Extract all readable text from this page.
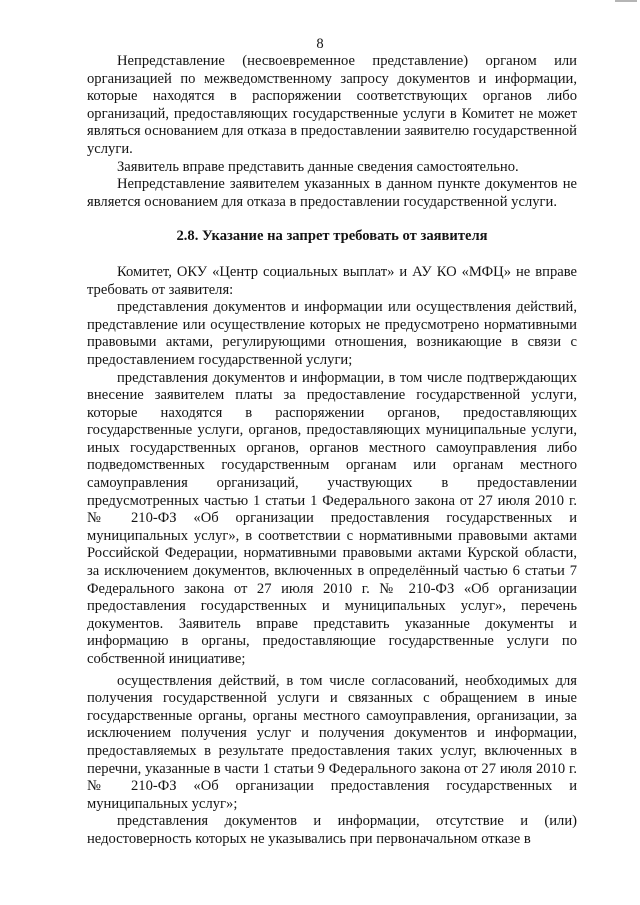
8

Непредставление (несвоевременное представление) органом или организацией по межведомственному запросу документов и информации, которые находятся в распоряжении соответствующих органов либо организаций, предоставляющих государственные услуги в Комитет не может являться основанием для отказа в предоставлении заявителю государственной услуги.

Заявитель вправе представить данные сведения самостоятельно.

Непредставление заявителем указанных в данном пункте документов не является основанием для отказа в предоставлении государственной услуги.

2.8. Указание на запрет требовать от заявителя

Комитет, ОКУ «Центр социальных выплат» и АУ КО «МФЦ» не вправе требовать от заявителя:

представления документов и информации или осуществления действий, представление или осуществление которых не предусмотрено нормативными правовыми актами, регулирующими отношения, возникающие в связи с предоставлением государственной услуги;

представления документов и информации, в том числе подтверждающих внесение заявителем платы за предоставление государственной услуги, которые находятся в распоряжении органов, предоставляющих государственные услуги, органов, предоставляющих муниципальные услуги, иных государственных органов, органов местного самоуправления либо подведомственных государственным органам или органам местного самоуправления организаций, участвующих в предоставлении предусмотренных частью 1 статьи 1 Федерального закона от 27 июля 2010 г. № 210-ФЗ «Об организации предоставления государственных и муниципальных услуг», в соответствии с нормативными правовыми актами Российской Федерации, нормативными правовыми актами Курской области, за исключением документов, включенных в определённый частью 6 статьи 7 Федерального закона от 27 июля 2010 г. № 210-ФЗ «Об организации предоставления государственных и муниципальных услуг», перечень документов. Заявитель вправе представить указанные документы и информацию в органы, предоставляющие государственные услуги по собственной инициативе;

осуществления действий, в том числе согласований, необходимых для получения государственной услуги и связанных с обращением в иные государственные органы, органы местного самоуправления, организации, за исключением получения услуг и получения документов и информации, предоставляемых в результате предоставления таких услуг, включенных в перечни, указанные в части 1 статьи 9 Федерального закона от 27 июля 2010 г. № 210-ФЗ «Об организации предоставления государственных и муниципальных услуг»;

представления документов и информации, отсутствие и (или) недостоверность которых не указывались при первоначальном отказе в
